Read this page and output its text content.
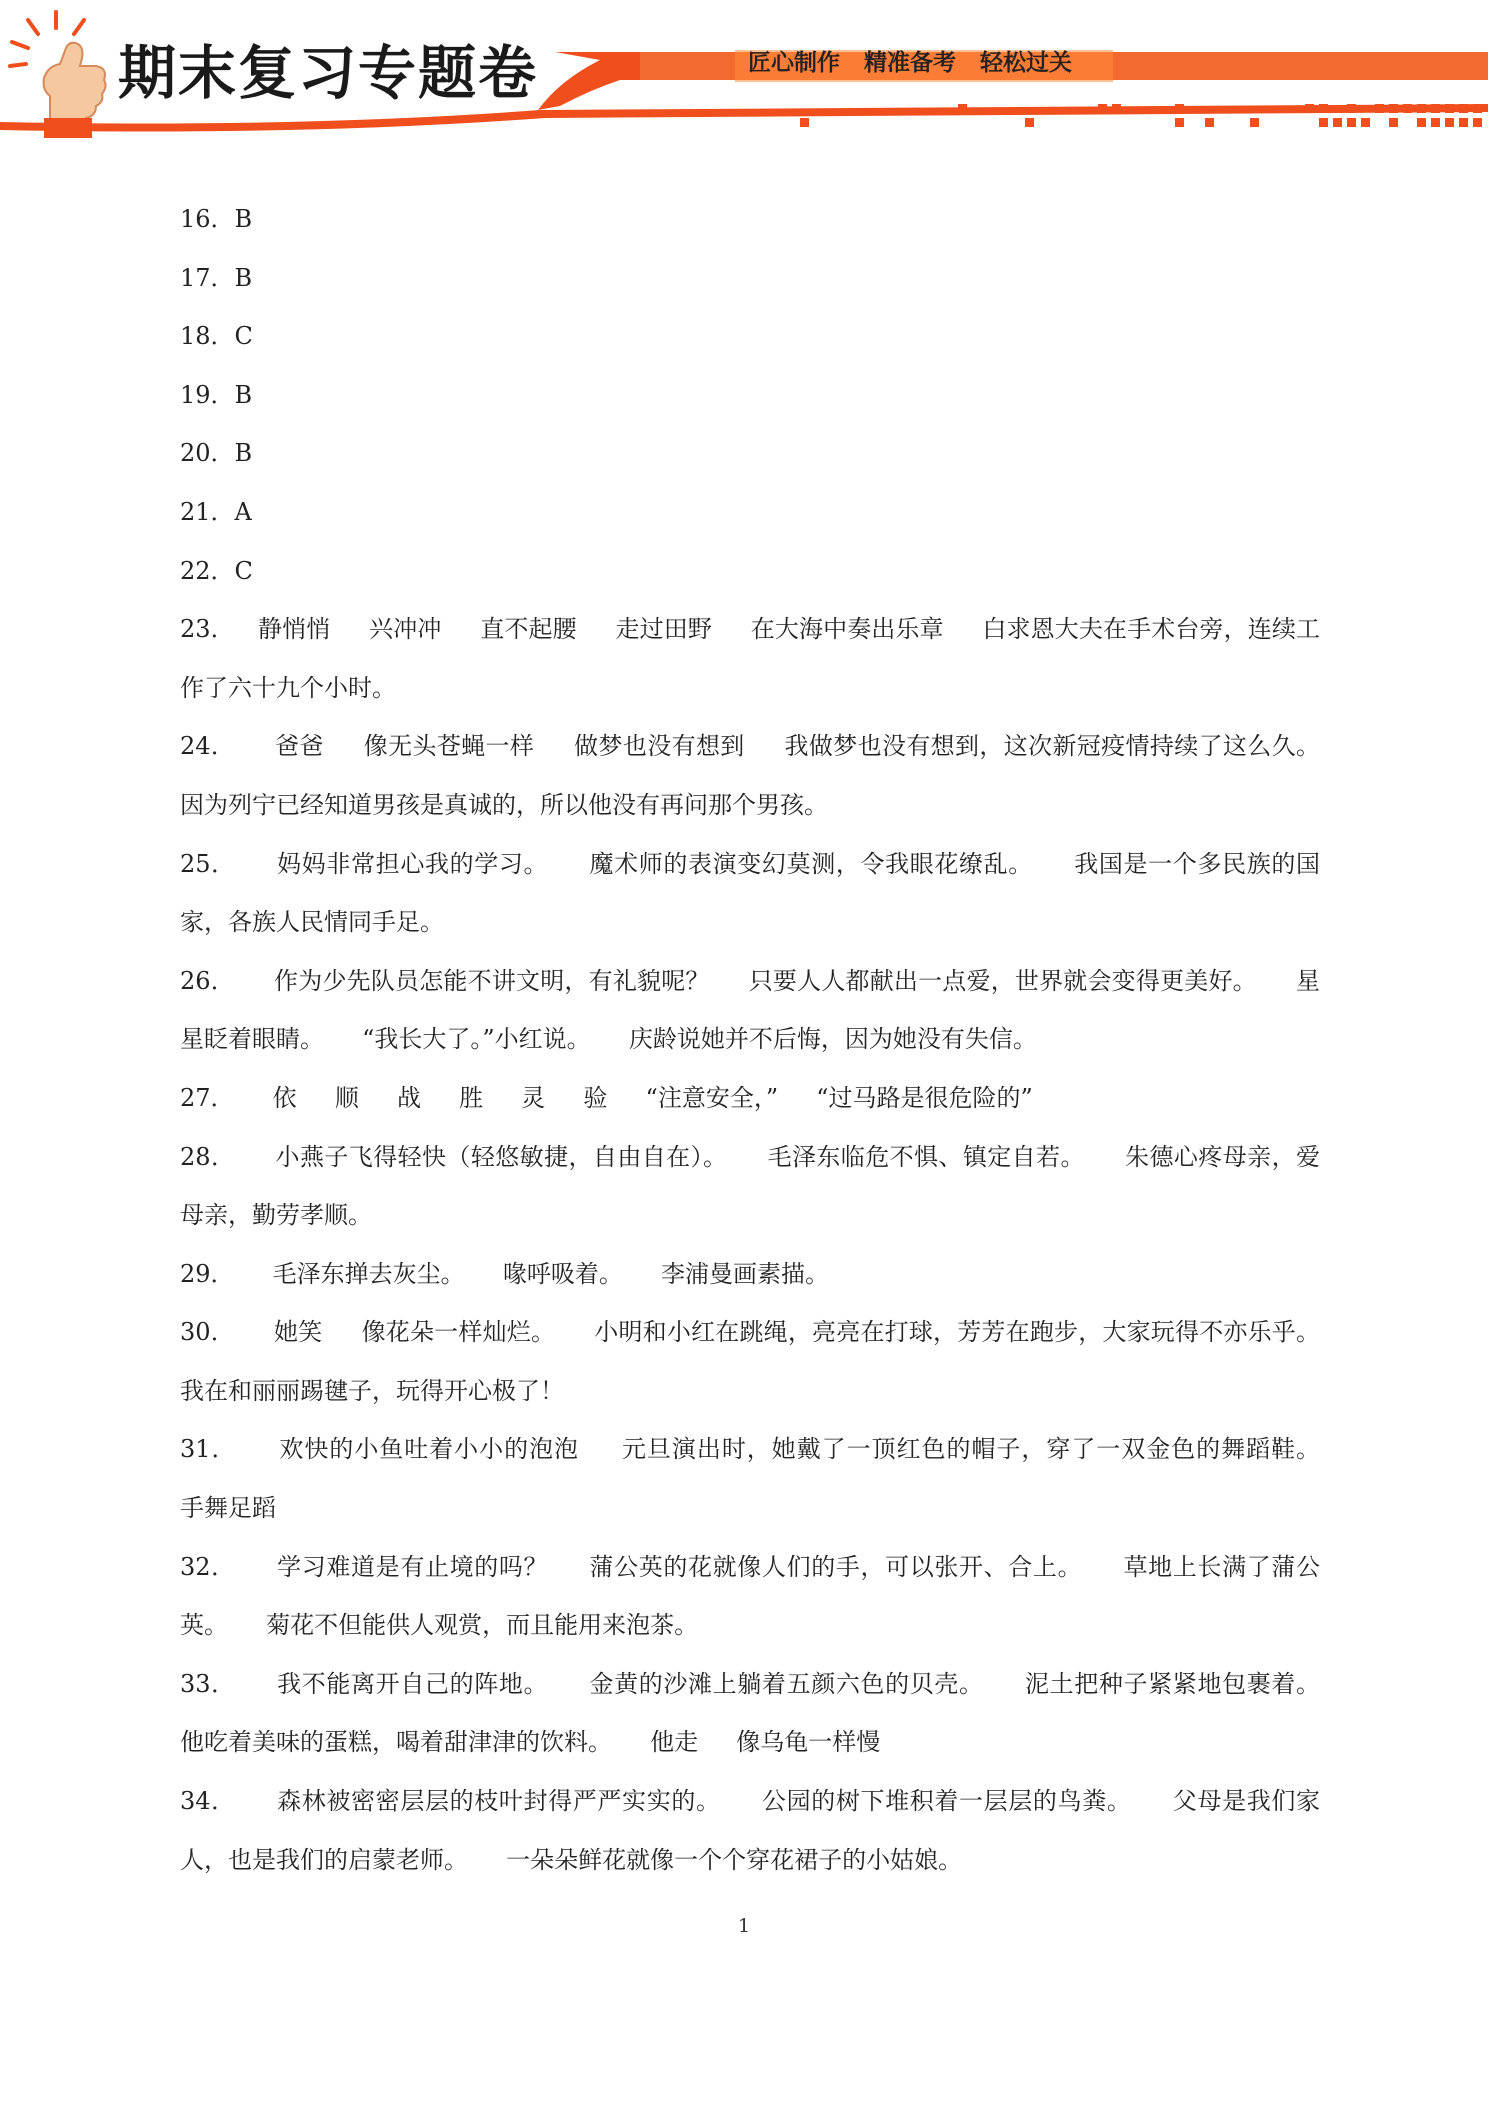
期末复习专题卷	匠心制作   精准备考   轻松过关

16．B

17．B

18．C

19．B

20．B

21．A

22．C

23．   静悄悄     兴冲冲     直不起腰     走过田野     在大海中奏出乐章     白求恩大夫在手术台旁，连续工作了六十九个小时。

24．     爸爸     像无头苍蝇一样     做梦也没有想到     我做梦也没有想到，这次新冠疫情持续了这么久。     因为列宁已经知道男孩是真诚的，所以他没有再问那个男孩。

25．     妈妈非常担心我的学习。     魔术师的表演变幻莫测，令我眼花缭乱。     我国是一个多民族的国家，各族人民情同手足。

26．     作为少先队员怎能不讲文明，有礼貌呢？     只要人人都献出一点爱，世界就会变得更美好。     星星眨着眼睛。     “我长大了。”小红说。     庆龄说她并不后悔，因为她没有失信。

27．     依     顺     战     胜     灵     验     “注意安全，”     “过马路是很危险的”

28．     小燕子飞得轻快（轻悠敏捷，自由自在）。     毛泽东临危不惧、镇定自若。     朱德心疼母亲，爱母亲，勤劳孝顺。

29．     毛泽东掸去灰尘。     喙呼吸着。     李浦曼画素描。

30．     她笑     像花朵一样灿烂。     小明和小红在跳绳，亮亮在打球，芳芳在跑步，大家玩得不亦乐乎。我在和丽丽踢毽子，玩得开心极了！

31．     欢快的小鱼吐着小小的泡泡     元旦演出时，她戴了一顶红色的帽子，穿了一双金色的舞蹈鞋。     手舞足蹈

32．     学习难道是有止境的吗？     蒲公英的花就像人们的手，可以张开、合上。     草地上长满了蒲公英。     菊花不但能供人观赏，而且能用来泡茶。

33．     我不能离开自己的阵地。     金黄的沙滩上躺着五颜六色的贝壳。     泥土把种子紧紧地包裹着。     他吃着美味的蛋糕，喝着甜津津的饮料。     他走     像乌龟一样慢

34．     森林被密密层层的枝叶封得严严实实的。     公园的树下堆积着一层层的鸟粪。     父母是我们家人，也是我们的启蒙老师。     一朵朵鲜花就像一个个穿花裙子的小姑娘。

1
